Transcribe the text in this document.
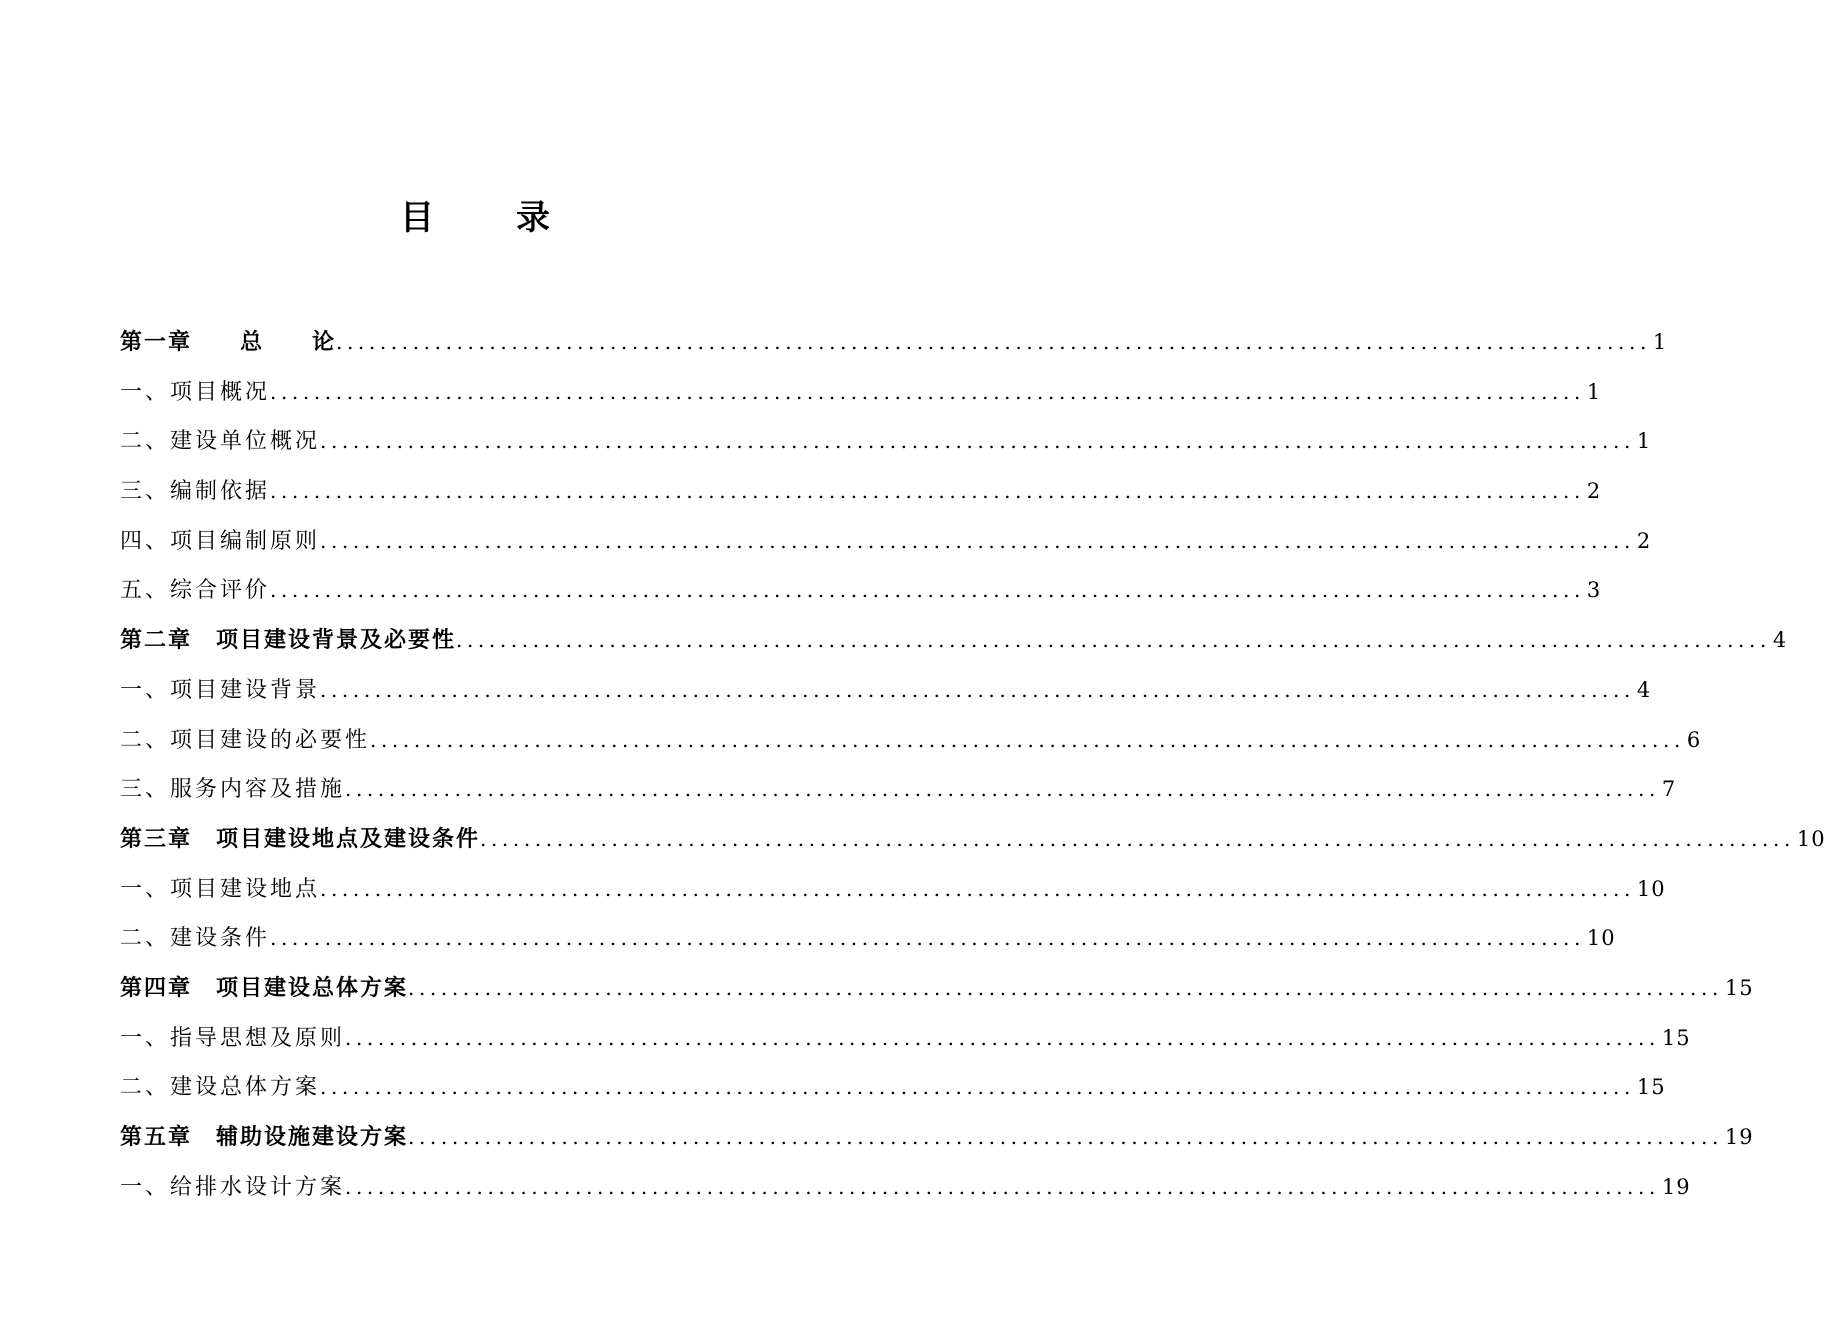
目 录
第一章　　总　　论 ........................................................................................................................ 1
一、项目概况 ........................................................................................................................ 1
二、建设单位概况 ........................................................................................................................ 1
三、编制依据 ........................................................................................................................ 2
四、项目编制原则 ........................................................................................................................ 2
五、综合评价 ........................................................................................................................ 3
第二章　项目建设背景及必要性 ........................................................................................................................ 4
一、项目建设背景 ........................................................................................................................ 4
二、项目建设的必要性 ........................................................................................................................ 6
三、服务内容及措施 ........................................................................................................................ 7
第三章　项目建设地点及建设条件 ........................................................................................................................ 10
一、项目建设地点 ........................................................................................................................ 10
二、建设条件 ........................................................................................................................ 10
第四章　项目建设总体方案 ........................................................................................................................ 15
一、指导思想及原则 ........................................................................................................................ 15
二、建设总体方案 ........................................................................................................................ 15
第五章　辅助设施建设方案 ........................................................................................................................ 19
一、给排水设计方案 ........................................................................................................................ 19
